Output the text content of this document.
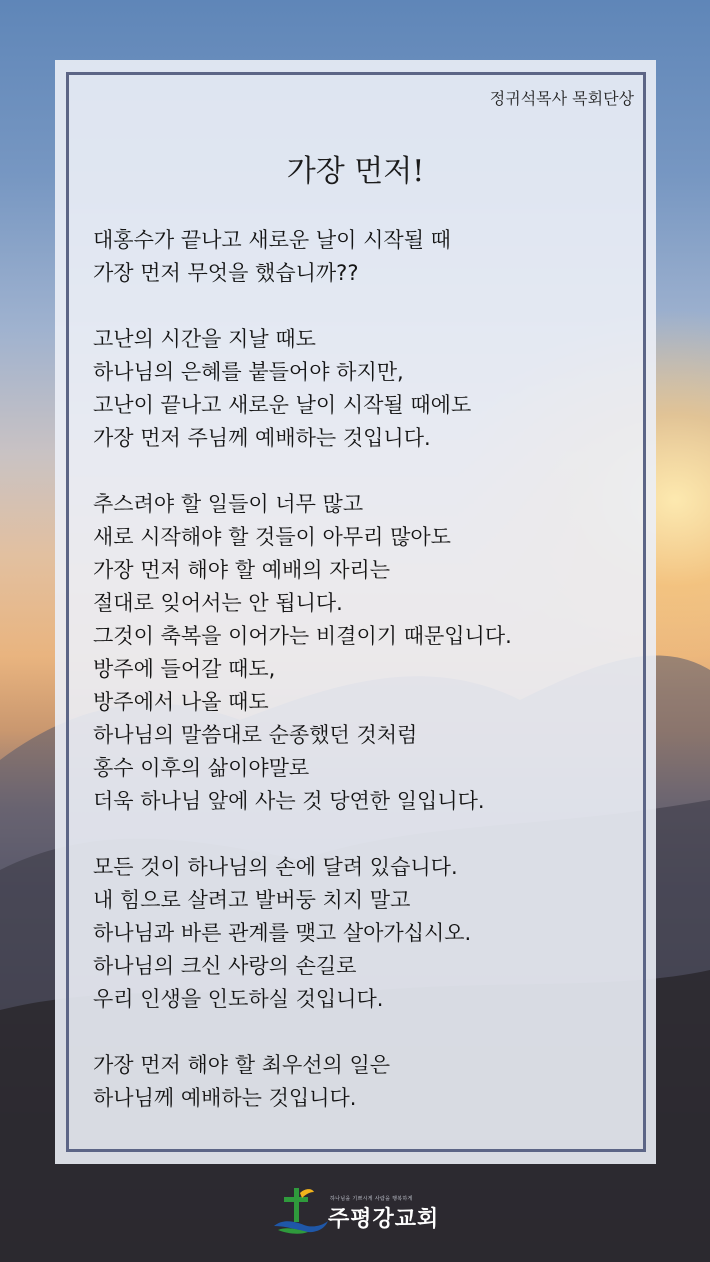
정귀석목사 목회단상
가장 먼저!
대홍수가 끝나고 새로운 날이 시작될 때
가장 먼저 무엇을 했습니까??
고난의 시간을 지날 때도
하나님의 은혜를 붙들어야 하지만,
고난이 끝나고 새로운 날이 시작될 때에도
가장 먼저 주님께 예배하는 것입니다.
추스려야 할 일들이 너무 많고
새로 시작해야 할 것들이 아무리 많아도
가장 먼저 해야 할 예배의 자리는
절대로 잊어서는 안 됩니다.
그것이 축복을 이어가는 비결이기 때문입니다.
방주에 들어갈 때도,
방주에서 나올 때도
하나님의 말씀대로 순종했던 것처럼
홍수 이후의 삶이야말로
더욱 하나님 앞에 사는 것 당연한 일입니다.
모든 것이 하나님의 손에 달려 있습니다.
내 힘으로 살려고 발버둥 치지 말고
하나님과 바른 관계를 맺고 살아가십시오.
하나님의 크신 사랑의 손길로
우리 인생을 인도하실 것입니다.
가장 먼저 해야 할 최우선의 일은
하나님께 예배하는 것입니다.
하나님을 기쁘시게 사람을 행복하게
주평강교회
